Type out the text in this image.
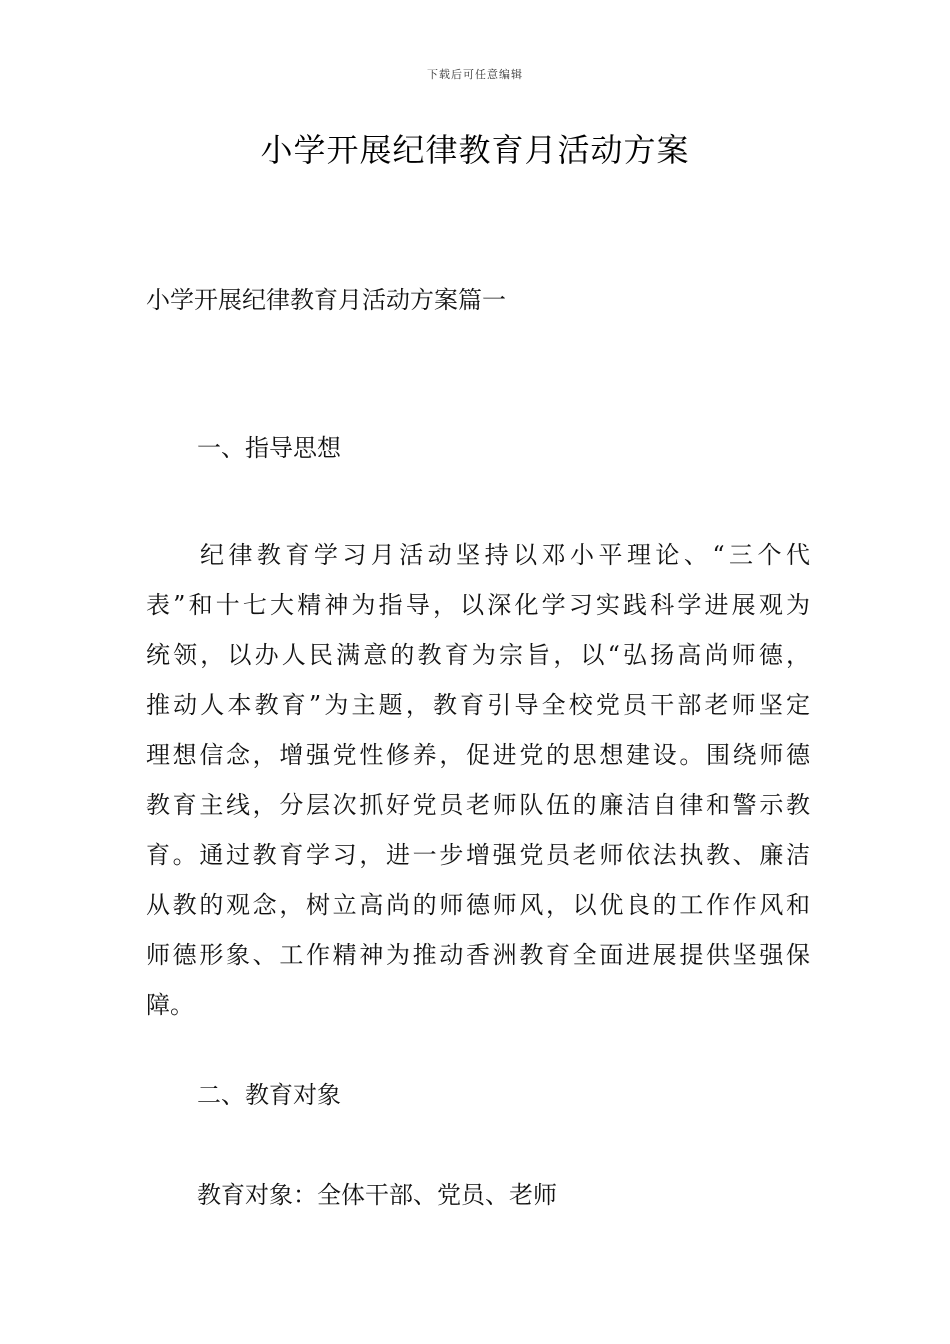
下载后可任意编辑
小学开展纪律教育月活动方案
小学开展纪律教育月活动方案篇一
一、指导思想
纪律教育学习月活动坚持以邓小平理论、“三个代
表”和十七大精神为指导，以深化学习实践科学进展观为
统领，以办人民满意的教育为宗旨，以“弘扬高尚师德，
推动人本教育”为主题，教育引导全校党员干部老师坚定
理想信念，增强党性修养，促进党的思想建设。围绕师德
教育主线，分层次抓好党员老师队伍的廉洁自律和警示教
育。通过教育学习，进一步增强党员老师依法执教、廉洁
从教的观念，树立高尚的师德师风，以优良的工作作风和
师德形象、工作精神为推动香洲教育全面进展提供坚强保
障。
二、教育对象
教育对象：全体干部、党员、老师
